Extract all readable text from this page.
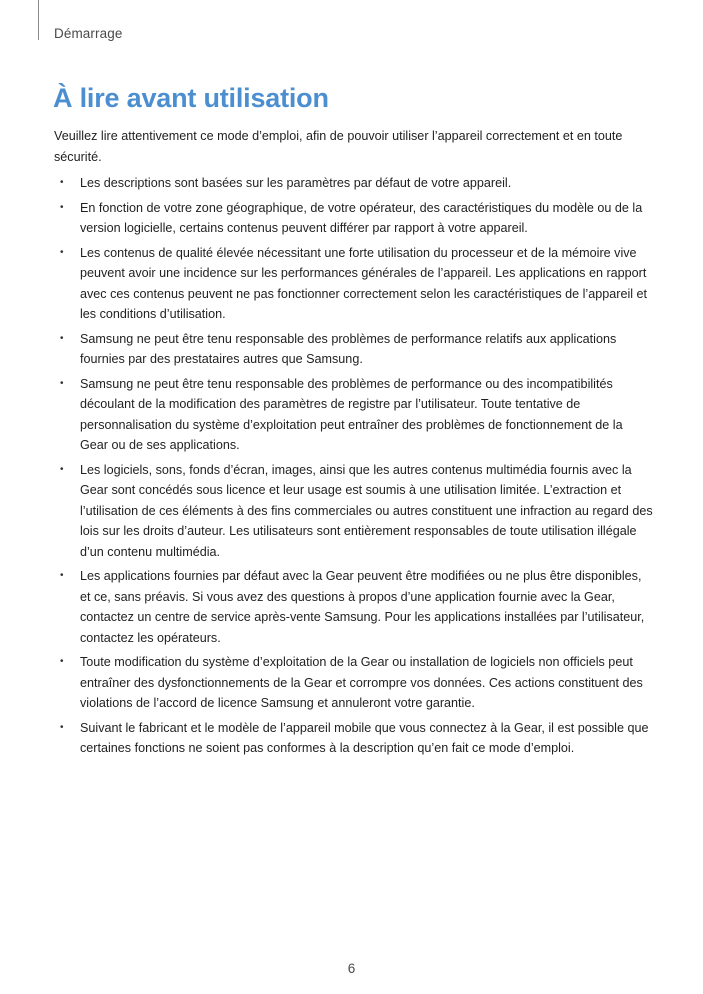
Démarrage
À lire avant utilisation

Veuillez lire attentivement ce mode d’emploi, afin de pouvoir utiliser l’appareil correctement et en toute sécurité.

• Les descriptions sont basées sur les paramètres par défaut de votre appareil.
• En fonction de votre zone géographique, de votre opérateur, des caractéristiques du modèle ou de la version logicielle, certains contenus peuvent différer par rapport à votre appareil.
• Les contenus de qualité élevée nécessitant une forte utilisation du processeur et de la mémoire vive peuvent avoir une incidence sur les performances générales de l’appareil. Les applications en rapport avec ces contenus peuvent ne pas fonctionner correctement selon les caractéristiques de l’appareil et les conditions d’utilisation.
• Samsung ne peut être tenu responsable des problèmes de performance relatifs aux applications fournies par des prestataires autres que Samsung.
• Samsung ne peut être tenu responsable des problèmes de performance ou des incompatibilités découlant de la modification des paramètres de registre par l’utilisateur. Toute tentative de personnalisation du système d’exploitation peut entraîner des problèmes de fonctionnement de la Gear ou de ses applications.
• Les logiciels, sons, fonds d’écran, images, ainsi que les autres contenus multimédia fournis avec la Gear sont concédés sous licence et leur usage est soumis à une utilisation limitée. L’extraction et l’utilisation de ces éléments à des fins commerciales ou autres constituent une infraction au regard des lois sur les droits d’auteur. Les utilisateurs sont entièrement responsables de toute utilisation illégale d’un contenu multimédia.
• Les applications fournies par défaut avec la Gear peuvent être modifiées ou ne plus être disponibles, et ce, sans préavis. Si vous avez des questions à propos d’une application fournie avec la Gear, contactez un centre de service après-vente Samsung. Pour les applications installées par l’utilisateur, contactez les opérateurs.
• Toute modification du système d’exploitation de la Gear ou installation de logiciels non officiels peut entraîner des dysfonctionnements de la Gear et corrompre vos données. Ces actions constituent des violations de l’accord de licence Samsung et annuleront votre garantie.
• Suivant le fabricant et le modèle de l’appareil mobile que vous connectez à la Gear, il est possible que certaines fonctions ne soient pas conformes à la description qu’en fait ce mode d’emploi.
6
